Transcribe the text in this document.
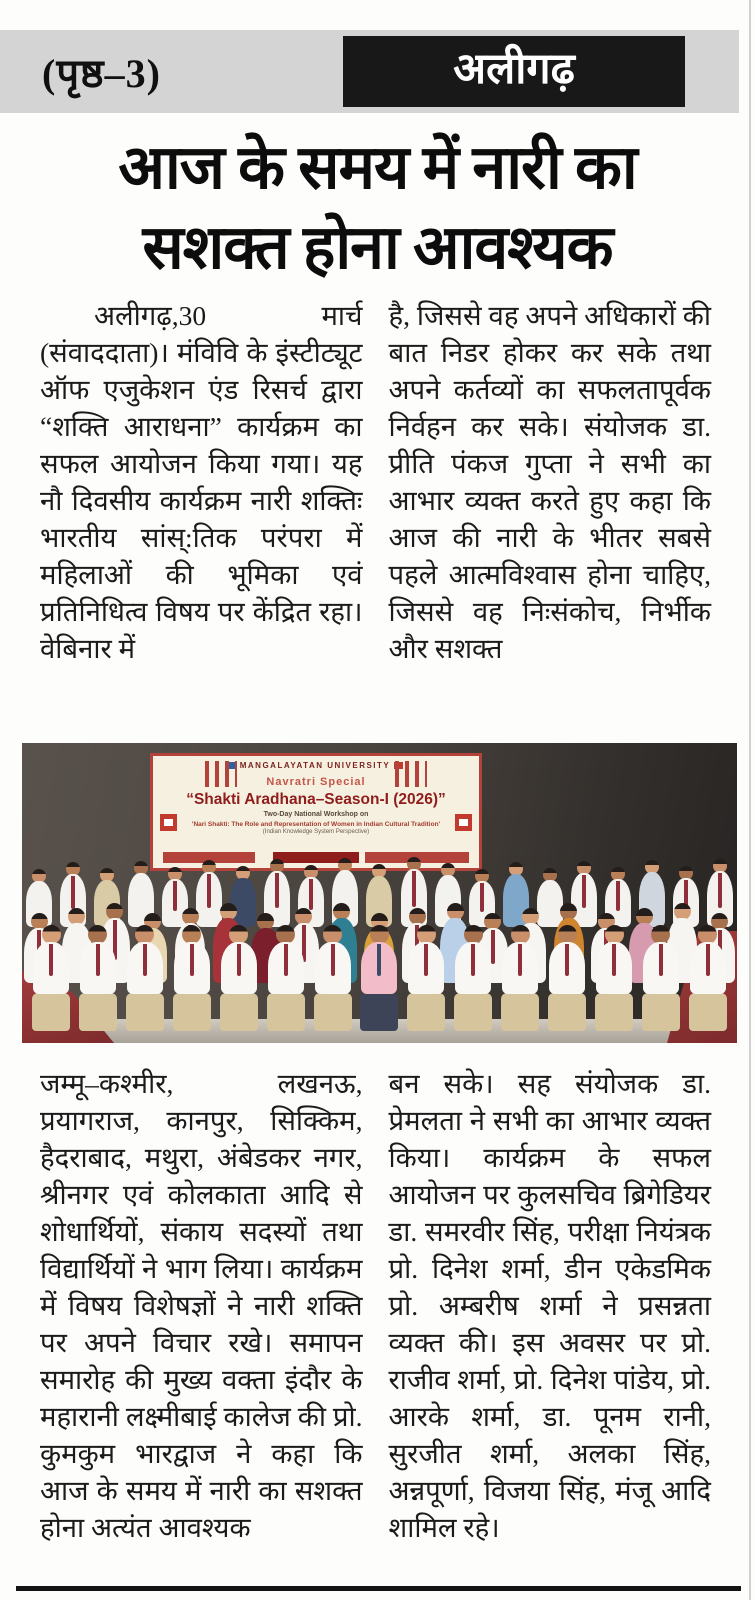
(पृष्ठ–3)	अलीगढ़
आज के समय में नारी का
सशक्त होना आवश्यक

अलीगढ़,30 मार्च (संवाददाता)। मंविवि के इंस्टीट्यूट ऑफ एजुकेशन एंड रिसर्च द्वारा “शक्ति आराधना” कार्यक्रम का सफल आयोजन किया गया। यह नौ दिवसीय कार्यक्रम नारी शक्तिः भारतीय सांस्:तिक परंपरा में महिलाओं की भूमिका एवं प्रतिनिधित्व विषय पर केंद्रित रहा। वेबिनार में

है, जिससे वह अपने अधिकारों की बात निडर होकर कर सके तथा अपने कर्तव्यों का सफलतापूर्वक निर्वहन कर सके। संयोजक डा. प्रीति पंकज गुप्ता ने सभी का आभार व्यक्त करते हुए कहा कि आज की नारी के भीतर सबसे पहले आत्मविश्वास होना चाहिए, जिससे वह निःसंकोच, निर्भीक और सशक्त

MANGALAYATAN UNIVERSITY
Navratri Special
“Shakti Aradhana–Season-I (2026)”
Two-Day National Workshop on
'Nari Shakti: The Role and Representation of Women in Indian Cultural Tradition'
(Indian Knowledge System Perspective)

जम्मू–कश्मीर, लखनऊ, प्रयागराज, कानपुर, सिक्किम, हैदराबाद, मथुरा, अंबेडकर नगर, श्रीनगर एवं कोलकाता आदि से शोधार्थियों, संकाय सदस्यों तथा विद्यार्थियों ने भाग लिया। कार्यक्रम में विषय विशेषज्ञों ने नारी शक्ति पर अपने विचार रखे। समापन समारोह की मुख्य वक्ता इंदौर के महारानी लक्ष्मीबाई कालेज की प्रो. कुमकुम भारद्वाज ने कहा कि आज के समय में नारी का सशक्त होना अत्यंत आवश्यक

बन सके। सह संयोजक डा. प्रेमलता ने सभी का आभार व्यक्त किया। कार्यक्रम के सफल आयोजन पर कुलसचिव ब्रिगेडियर डा. समरवीर सिंह, परीक्षा नियंत्रक प्रो. दिनेश शर्मा, डीन एकेडमिक प्रो. अम्बरीष शर्मा ने प्रसन्नता व्यक्त की। इस अवसर पर प्रो. राजीव शर्मा, प्रो. दिनेश पांडेय, प्रो. आरके शर्मा, डा. पूनम रानी, सुरजीत शर्मा, अलका सिंह, अन्नपूर्णा, विजया सिंह, मंजू आदि शामिल रहे।
